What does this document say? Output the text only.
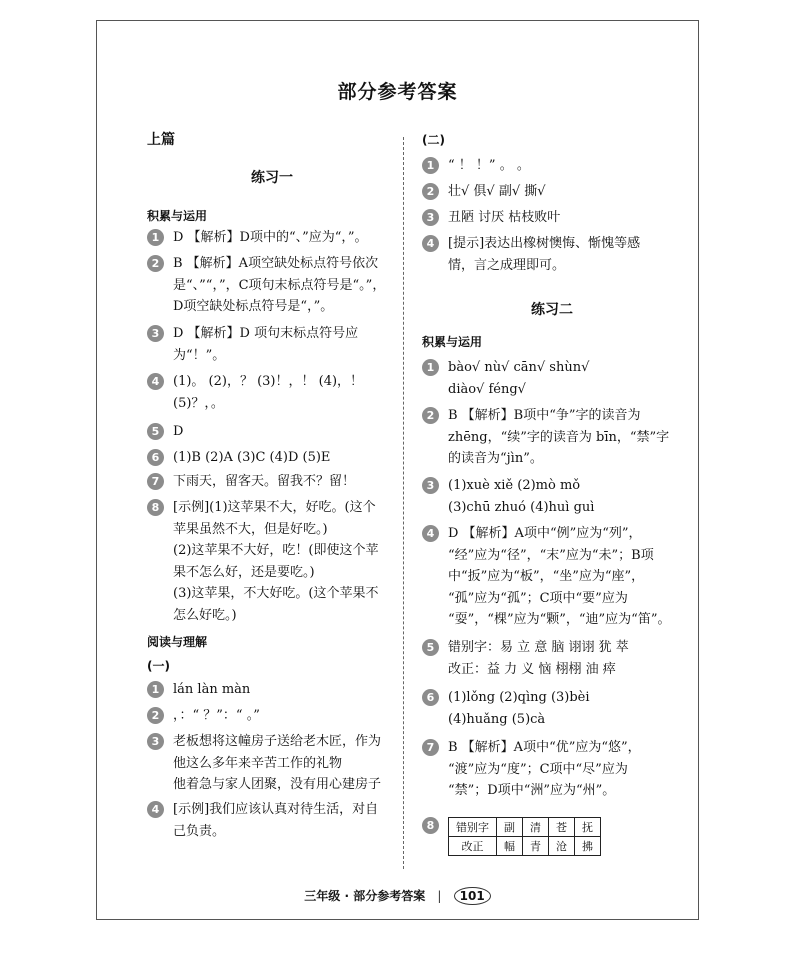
部分参考答案
上篇
练习一
积累与运用
1	D 【解析】D项中的“、”应为“，”。
2	B 【解析】A项空缺处标点符号依次
是“、”“，”，C项句末标点符号是“。”，
D项空缺处标点符号是“，”。
3	D 【解析】D 项句末标点符号应
为“！”。
4	(1)。 (2)，？ (3)！，！ (4)，！
(5)？，。
5	D
6	(1)B (2)A (3)C (4)D (5)E
7	下雨天，留客天。留我不？留！
8	[示例](1)这苹果不大，好吃。(这个
苹果虽然不大，但是好吃。)
(2)这苹果不大好，吃！(即使这个苹
果不怎么好，还是要吃。)
(3)这苹果，不大好吃。(这个苹果不
怎么好吃。)
阅读与理解
(一)
1	lán làn màn
2	，：“ ？”：“ 。”
3	老板想将这幢房子送给老木匠，作为
他这么多年来辛苦工作的礼物
他着急与家人团聚，没有用心建房子
4	[示例]我们应该认真对待生活，对自
己负责。
(二)
1	“ ！ ！” 。 。
2	壮√ 俱√ 副√ 撕√
3	丑陋 讨厌 枯枝败叶
4	[提示]表达出橡树懊悔、惭愧等感
情，言之成理即可。
练习二
积累与运用
1	bào√ nù√ cān√ shùn√
diào√ féng√
2	B 【解析】B项中“争”字的读音为
zhēng，“续”字的读音为 bīn，“禁”字
的读音为“jìn”。
3	(1)xuè xiě (2)mò mǒ
(3)chū zhuó (4)huì guì
4	D 【解析】A项中“例”应为“列”，
“经”应为“径”，“末”应为“未”；B项
中“扳”应为“板”，“坐”应为“座”，
“孤”应为“孤”；C项中“要”应为
“耍”，“棵”应为“颗”，“迪”应为“笛”。
5	错别字：易 立 意 脑 诩诩 犹 萃
改正：益 力 义 恼 栩栩 油 瘁
6	(1)lǒng (2)qìng (3)bèi
(4)huǎng (5)cà
7	B 【解析】A项中“优”应为“悠”，
“渡”应为“度”；C项中“尽”应为
“禁”；D项中“洲”应为“州”。
8	错别字	副	清	苍	抚
改正	幅	青	沧	拂
三年级 · 部分参考答案 | 101
